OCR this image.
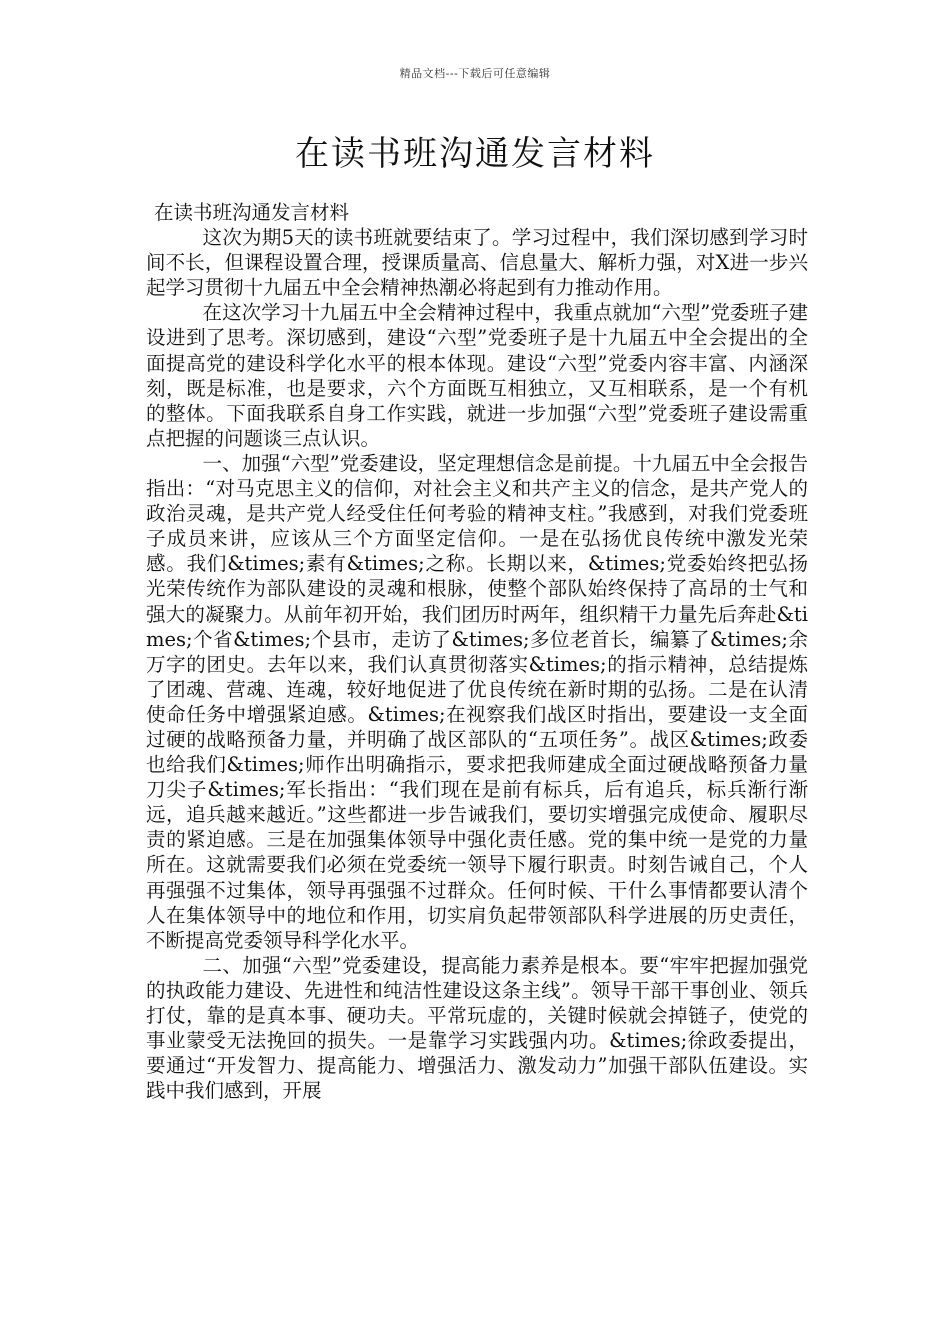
精品文档---下载后可任意编辑
在读书班沟通发言材料

在读书班沟通发言材料

这次为期5天的读书班就要结束了。学习过程中，我们深切感到学习时间不长，但课程设置合理，授课质量高、信息量大、解析力强，对X进一步兴起学习贯彻十九届五中全会精神热潮必将起到有力推动作用。

在这次学习十九届五中全会精神过程中，我重点就加“六型”党委班子建设进到了思考。深切感到，建设“六型”党委班子是十九届五中全会提出的全面提高党的建设科学化水平的根本体现。建设“六型”党委内容丰富、内涵深刻，既是标准，也是要求，六个方面既互相独立，又互相联系，是一个有机的整体。下面我联系自身工作实践，就进一步加强“六型”党委班子建设需重点把握的问题谈三点认识。

一、加强“六型”党委建设，坚定理想信念是前提。十九届五中全会报告指出：“对马克思主义的信仰，对社会主义和共产主义的信念，是共产党人的政治灵魂，是共产党人经受住任何考验的精神支柱。”我感到，对我们党委班子成员来讲，应该从三个方面坚定信仰。一是在弘扬优良传统中激发光荣感。我们&times;素有&times;之称。长期以来，&times;党委始终把弘扬光荣传统作为部队建设的灵魂和根脉，使整个部队始终保持了高昂的士气和强大的凝聚力。从前年初开始，我们团历时两年，组织精干力量先后奔赴&times;个省&times;个县市，走访了&times;多位老首长，编纂了&times;余万字的团史。去年以来，我们认真贯彻落实&times;的指示精神，总结提炼了团魂、营魂、连魂，较好地促进了优良传统在新时期的弘扬。二是在认清使命任务中增强紧迫感。&times;在视察我们战区时指出，要建设一支全面过硬的战略预备力量，并明确了战区部队的“五项任务”。战区&times;政委也给我们&times;师作出明确指示，要求把我师建成全面过硬战略预备力量刀尖子&times;军长指出：“我们现在是前有标兵，后有追兵，标兵渐行渐远，追兵越来越近。”这些都进一步告诫我们，要切实增强完成使命、履职尽责的紧迫感。三是在加强集体领导中强化责任感。党的集中统一是党的力量所在。这就需要我们必须在党委统一领导下履行职责。时刻告诫自己，个人再强强不过集体，领导再强强不过群众。任何时候、干什么事情都要认清个人在集体领导中的地位和作用，切实肩负起带领部队科学进展的历史责任，不断提高党委领导科学化水平。

二、加强“六型”党委建设，提高能力素养是根本。要“牢牢把握加强党的执政能力建设、先进性和纯洁性建设这条主线”。领导干部干事创业、领兵打仗，靠的是真本事、硬功夫。平常玩虚的，关键时候就会掉链子，使党的事业蒙受无法挽回的损失。一是靠学习实践强内功。&times;徐政委提出，要通过“开发智力、提高能力、增强活力、激发动力”加强干部队伍建设。实践中我们感到，开展
